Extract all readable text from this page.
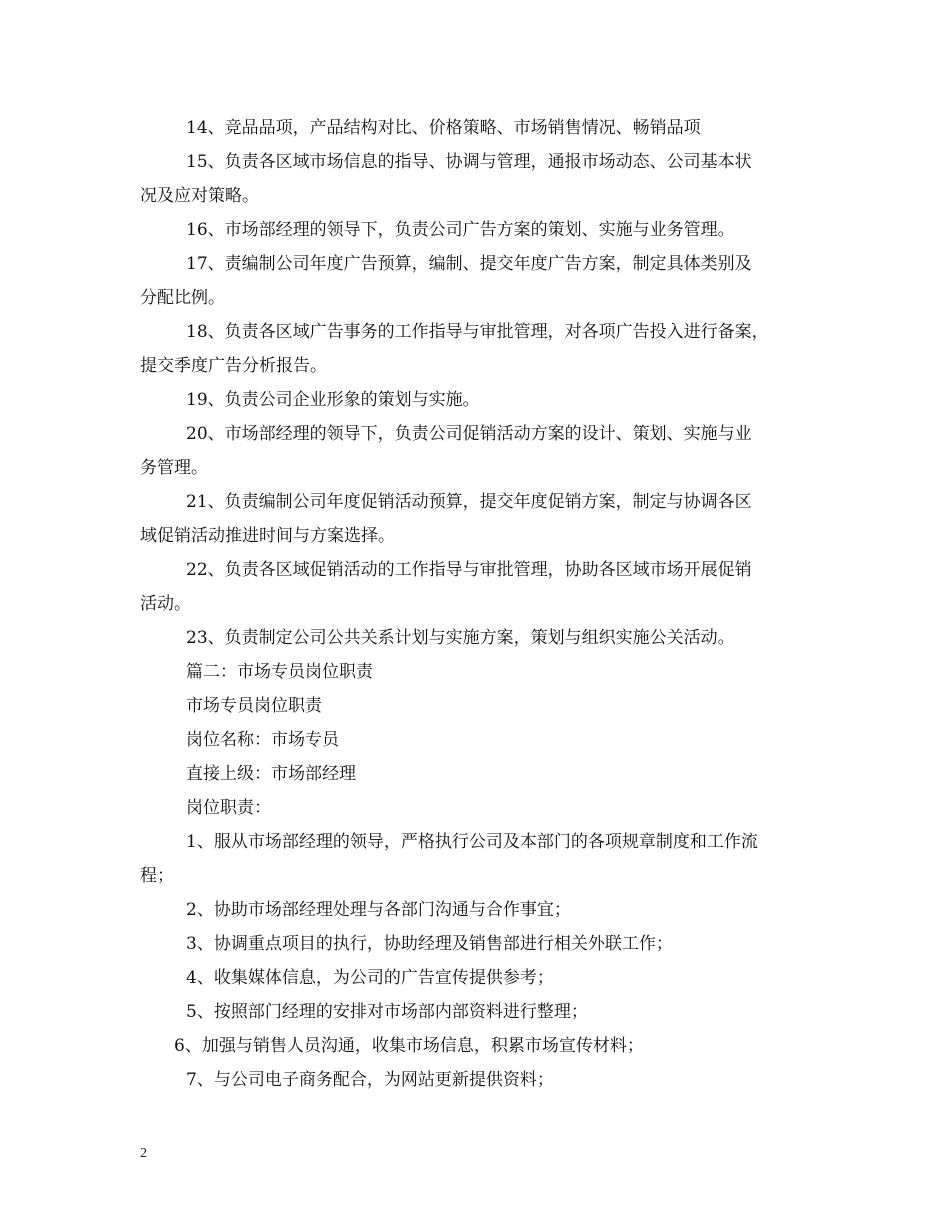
14、竞品品项，产品结构对比、价格策略、市场销售情况、畅销品项
15、负责各区域市场信息的指导、协调与管理，通报市场动态、公司基本状
况及应对策略。
16、市场部经理的领导下，负责公司广告方案的策划、实施与业务管理。
17、责编制公司年度广告预算，编制、提交年度广告方案，制定具体类别及
分配比例。
18、负责各区域广告事务的工作指导与审批管理，对各项广告投入进行备案，
提交季度广告分析报告。
19、负责公司企业形象的策划与实施。
20、市场部经理的领导下，负责公司促销活动方案的设计、策划、实施与业
务管理。
21、负责编制公司年度促销活动预算，提交年度促销方案，制定与协调各区
域促销活动推进时间与方案选择。
22、负责各区域促销活动的工作指导与审批管理，协助各区域市场开展促销
活动。
23、负责制定公司公共关系计划与实施方案，策划与组织实施公关活动。
篇二：市场专员岗位职责
市场专员岗位职责
岗位名称：市场专员
直接上级：市场部经理
岗位职责：
1、服从市场部经理的领导，严格执行公司及本部门的各项规章制度和工作流
程；
2、协助市场部经理处理与各部门沟通与合作事宜；
3、协调重点项目的执行，协助经理及销售部进行相关外联工作；
4、收集媒体信息，为公司的广告宣传提供参考；
5、按照部门经理的安排对市场部内部资料进行整理；
6、加强与销售人员沟通，收集市场信息，积累市场宣传材料；
7、与公司电子商务配合，为网站更新提供资料；
2
